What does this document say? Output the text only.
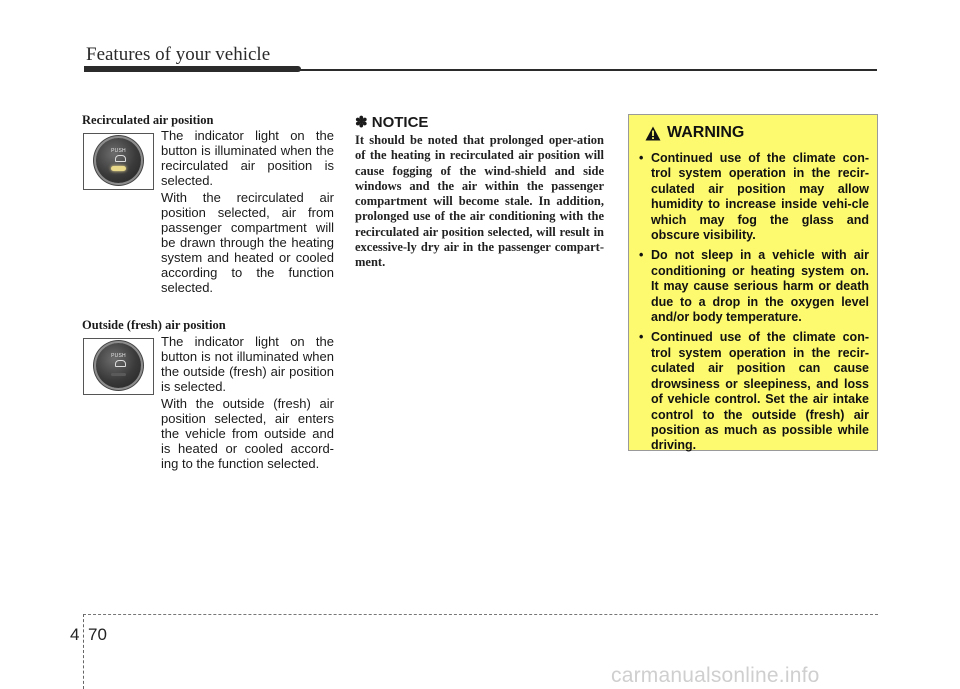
Features of your vehicle
Recirculated air position
PUSH
The indicator light on the button is illuminated when the recirculated air position is selected.
With the recirculated air position selected, air from passenger compartment will be drawn through the heating system and heated or cooled according to the function selected.
Outside (fresh) air position
PUSH
The indicator light on the button is not illuminated when the outside (fresh) air position is selected.
With the outside (fresh) air position selected, air enters the vehicle from outside and is heated or cooled accord-ing to the function selected.
✽ NOTICE
It should be noted that prolonged oper-ation of the heating in recirculated air position will cause fogging of the wind-shield and side windows and the air within the passenger compartment will become stale. In addition, prolonged use of the air conditioning with the recirculated air position selected, will result in excessive-ly dry air in the passenger compart-ment.
WARNING
• Continued use of the climate con-trol system operation in the recir-culated air position may allow humidity to increase inside vehi-cle which may fog the glass and obscure visibility.
• Do not sleep in a vehicle with air conditioning or heating system on. It may cause serious harm or death due to a drop in the oxygen level and/or body temperature.
• Continued use of the climate con-trol system operation in the recir-culated air position can cause drowsiness or sleepiness, and loss of vehicle control. Set the air intake control to the outside (fresh) air position as much as possible while driving.
4 70
carmanualsonline.info
